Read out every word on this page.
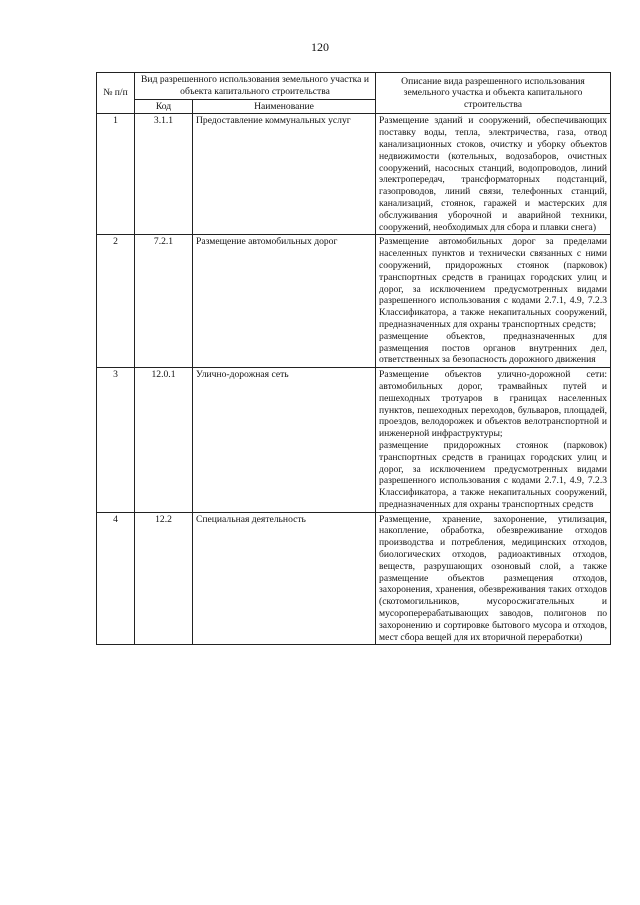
120
№ п/п	Вид разрешенного использования земельного участка и объекта капитального строительства		Описание вида разрешенного использования земельного участка и объекта капитального строительства
	Код	Наименование	
1	3.1.1	Предоставление коммунальных услуг	Размещение зданий и сооружений, обеспечивающих поставку воды, тепла, электричества, газа, отвод канализационных стоков, очистку и уборку объектов недвижимости (котельных, водозаборов, очистных сооружений, насосных станций, водопроводов, линий электропередач, трансформаторных подстанций, газопроводов, линий связи, телефонных станций, канализаций, стоянок, гаражей и мастерских для обслуживания уборочной и аварийной техники, сооружений, необходимых для сбора и плавки снега)

2	7.2.1	Размещение автомобильных дорог	Размещение автомобильных дорог за пределами населенных пунктов и технически связанных с ними сооружений, придорожных стоянок (парковок) транспортных средств в границах городских улиц и дорог, за исключением предусмотренных видами разрешенного использования с кодами 2.7.1, 4.9, 7.2.3 Классификатора, а также некапитальных сооружений, предназначенных для охраны транспортных средств;
размещение объектов, предназначенных для размещения постов органов внутренних дел, ответственных за безопасность дорожного движения

3	12.0.1	Улично-дорожная сеть	Размещение объектов улично-дорожной сети: автомобильных дорог, трамвайных путей и пешеходных тротуаров в границах населенных пунктов, пешеходных переходов, бульваров, площадей, проездов, велодорожек и объектов велотранспортной и инженерной инфраструктуры;
размещение придорожных стоянок (парковок) транспортных средств в границах городских улиц и дорог, за исключением предусмотренных видами разрешенного использования с кодами 2.7.1, 4.9, 7.2.3 Классификатора, а также некапитальных сооружений, предназначенных для охраны транспортных средств

4	12.2	Специальная деятельность	Размещение, хранение, захоронение, утилизация, накопление, обработка, обезвреживание отходов производства и потребления, медицинских отходов, биологических отходов, радиоактивных отходов, веществ, разрушающих озоновый слой, а также размещение объектов размещения отходов, захоронения, хранения, обезвреживания таких отходов (скотомогильников, мусоросжигательных и мусороперерабатывающих заводов, полигонов по захоронению и сортировке бытового мусора и отходов, мест сбора вещей для их вторичной переработки)
